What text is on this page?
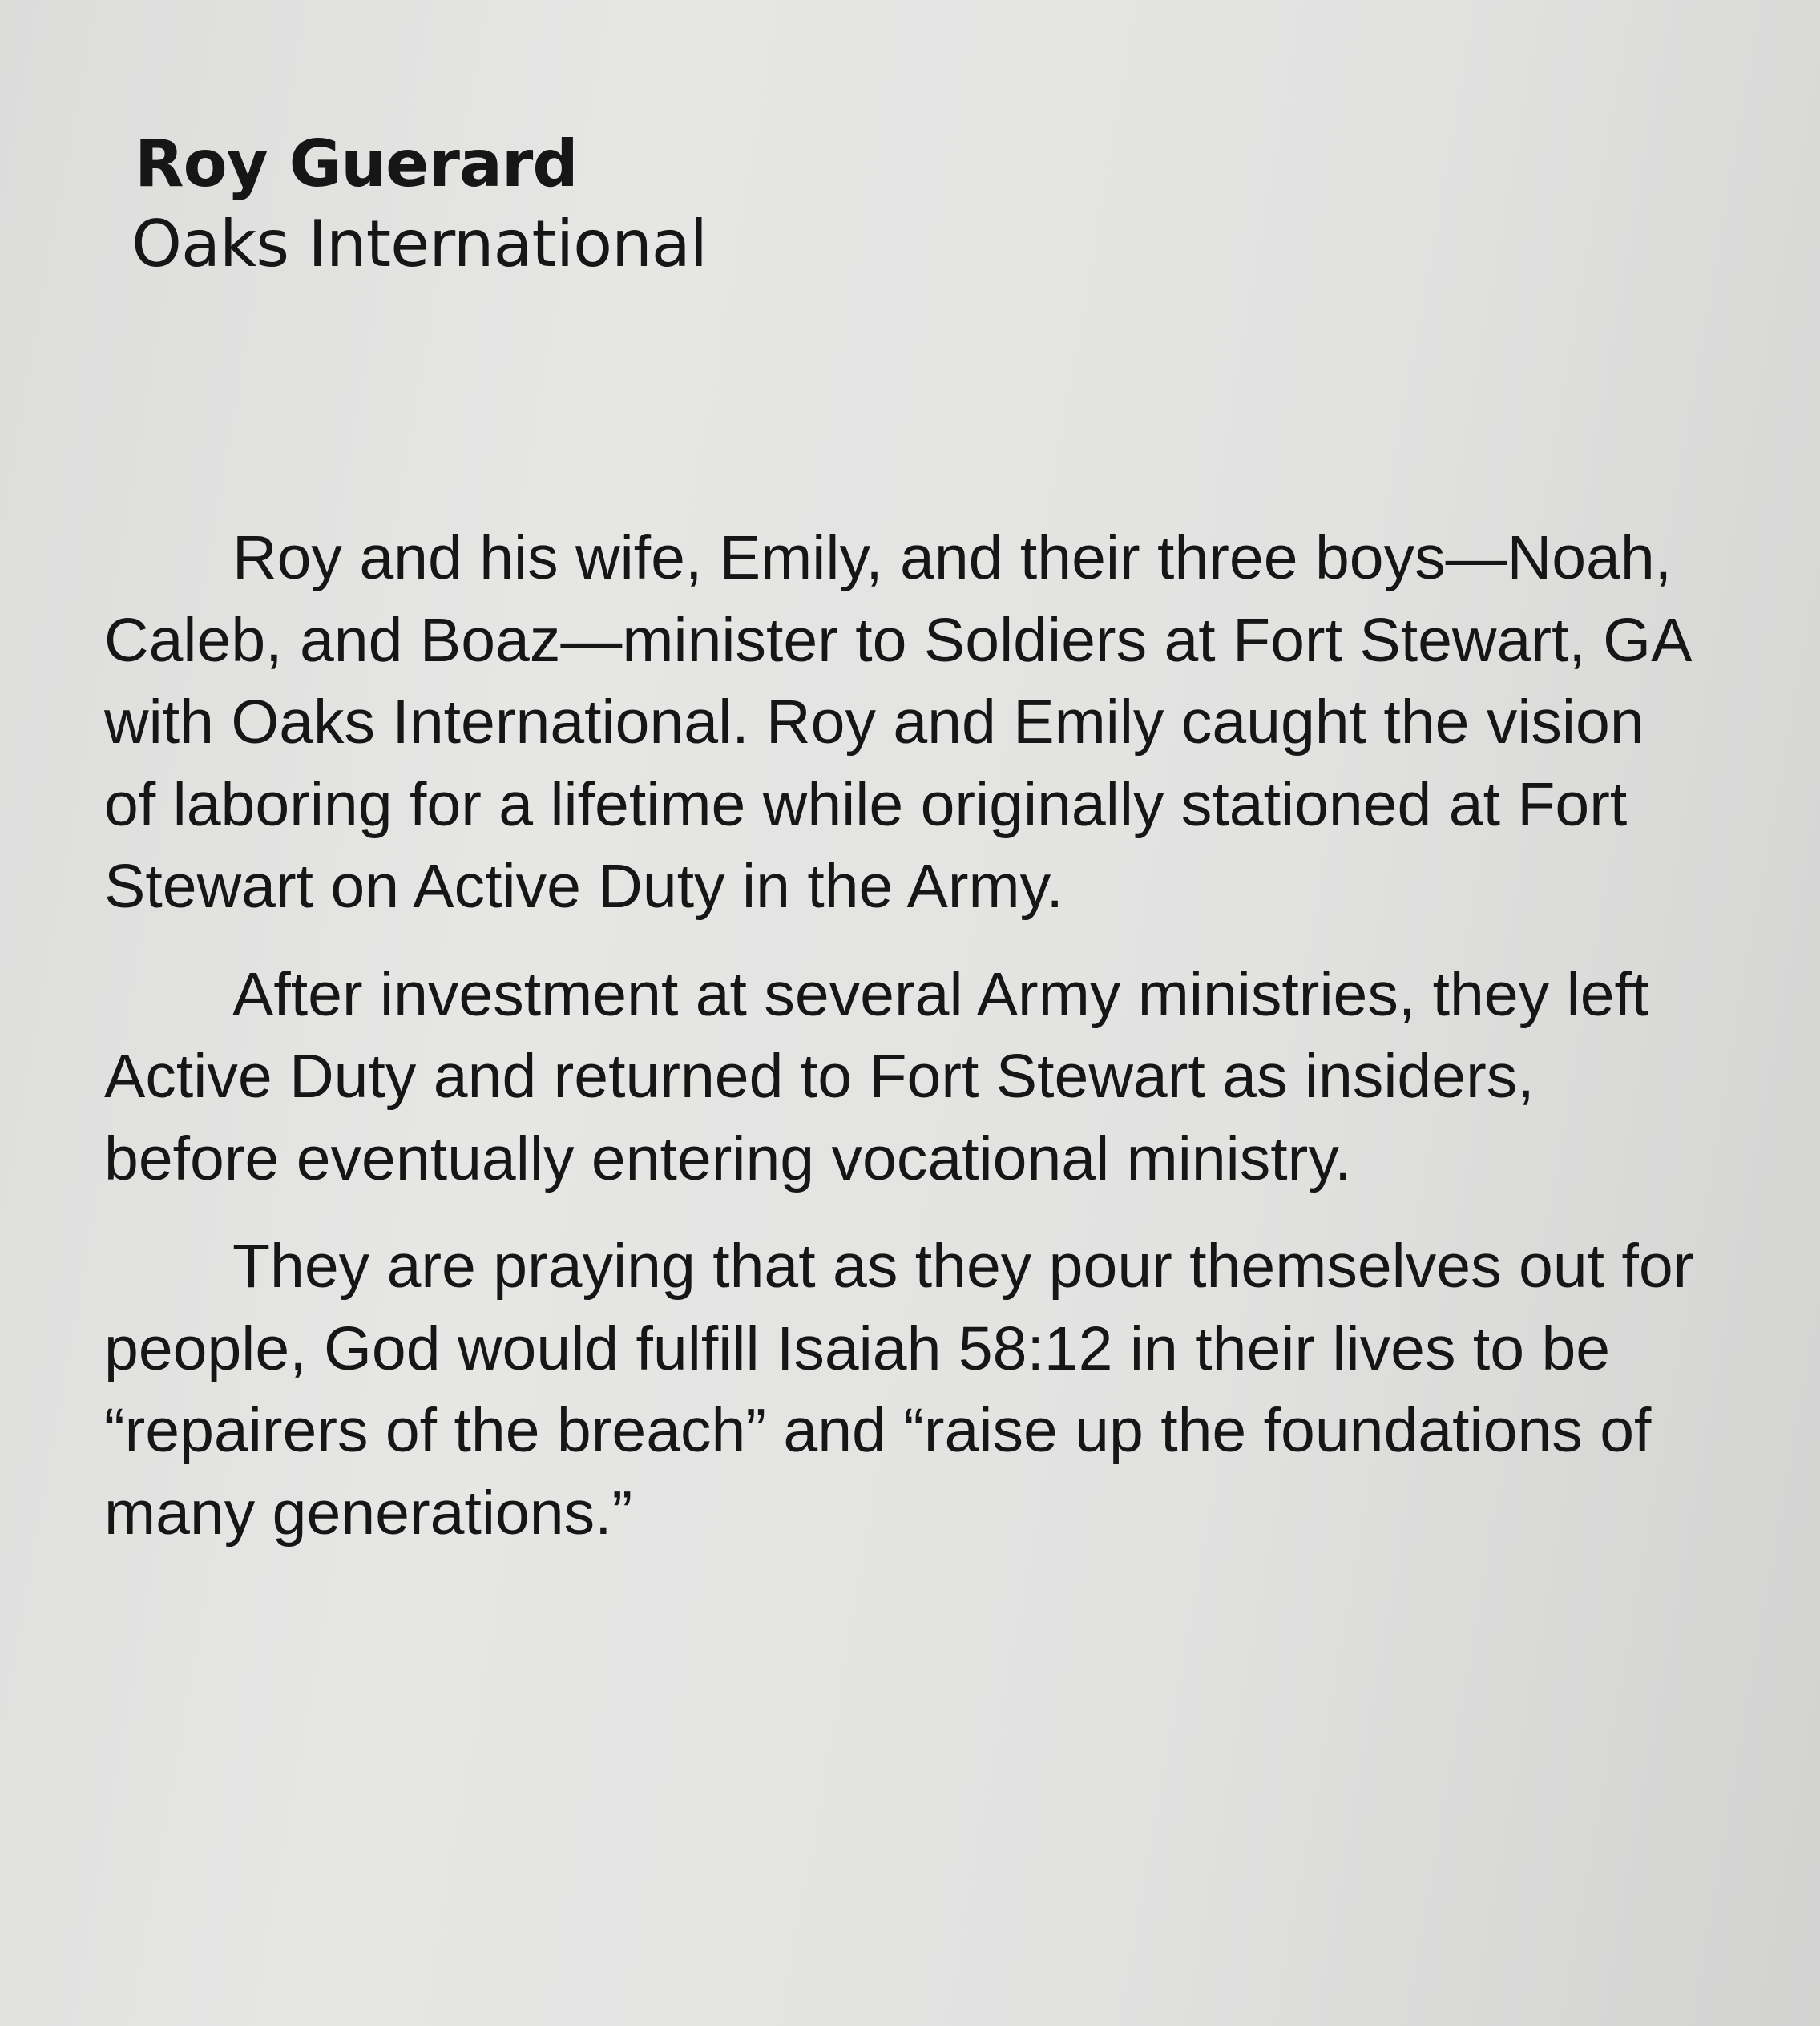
Roy Guerard
Oaks International

Roy and his wife, Emily, and their three boys—Noah, Caleb, and Boaz—minister to Soldiers at Fort Stewart, GA with Oaks International. Roy and Emily caught the vision of laboring for a lifetime while originally stationed at Fort Stewart on Active Duty in the Army.

After investment at several Army ministries, they left Active Duty and returned to Fort Stewart as insiders, before eventually entering vocational ministry.

They are praying that as they pour themselves out for people, God would fulfill Isaiah 58:12 in their lives to be “repairers of the breach” and “raise up the foundations of many generations.”
